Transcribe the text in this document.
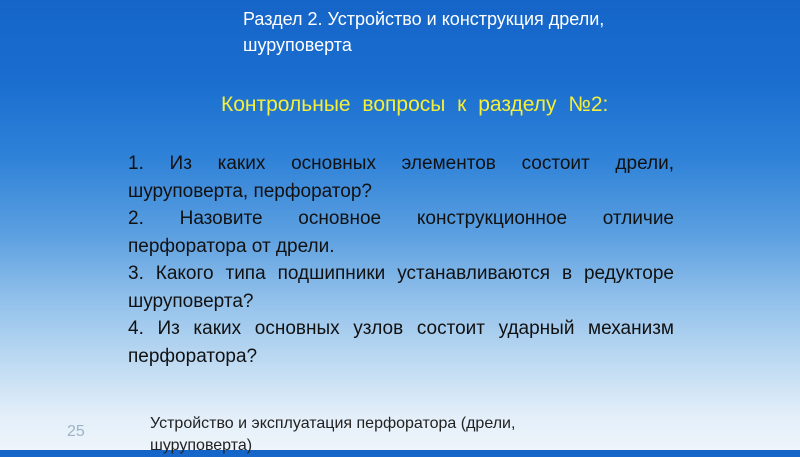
Раздел 2. Устройство и конструкция дрели, шуруповерта
Контрольные вопросы к разделу №2:
1. Из каких основных элементов состоит дрели, шуруповерта, перфоратор?
2. Назовите основное конструкционное отличие перфоратора от дрели.
3. Какого типа подшипники устанавливаются в редукторе шуруповерта?
4. Из каких основных узлов состоит ударный механизм перфоратора?
25	Устройство и эксплуатация перфоратора (дрели, шуруповерта)
